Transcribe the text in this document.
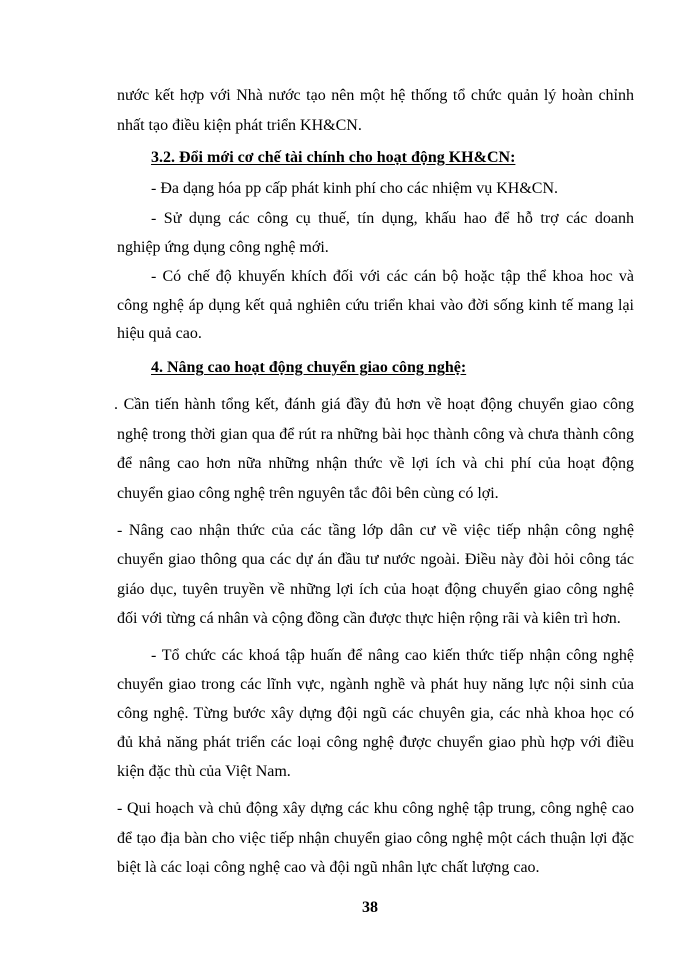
nước kết hợp với Nhà nước tạo nên một hệ thống tổ chức quản lý hoàn chỉnh

nhất tạo điều kiện phát triển KH&CN.

3.2. Đổi mới cơ chế tài chính cho hoạt động KH&CN:

- Đa dạng hóa pp cấp phát kinh phí cho các nhiệm vụ KH&CN.

- Sử dụng các công cụ thuế, tín dụng, khấu hao để hỗ trợ các doanh

nghiệp ứng dụng công nghệ mới.

- Có chế độ khuyến khích đối với các cán bộ hoặc tập thể khoa hoc và

công nghệ áp dụng kết quả nghiên cứu triển khai vào đời sống kinh tế mang lại

hiệu quả cao.

4. Nâng cao hoạt động chuyển giao công nghệ:

. Cần tiến hành tổng kết, đánh giá đầy đủ hơn về hoạt động chuyển giao công

nghệ trong thời gian qua để rút ra những bài học thành công và chưa thành công

để nâng cao hơn nữa những nhận thức về lợi ích và chi phí của hoạt động

chuyển giao công nghệ trên nguyên tắc đôi bên cùng có lợi.

- Nâng cao nhận thức của các tầng lớp dân cư về việc tiếp nhận công nghệ

chuyển giao thông qua các dự án đầu tư nước ngoài. Điều này đòi hỏi công tác

giáo dục, tuyên truyền về những lợi ích của hoạt động chuyển giao công nghệ

đối với từng cá nhân và cộng đồng cần được thực hiện rộng rãi và kiên trì hơn.

- Tổ chức các khoá tập huấn để nâng cao kiến thức tiếp nhận công nghệ

chuyển giao trong các lĩnh vực, ngành nghề và phát huy năng lực nội sinh của

công nghệ. Từng bước xây dựng đội ngũ các chuyên gia, các nhà khoa học có

đủ khả năng phát triển các loại công nghệ được chuyển giao phù hợp với điều

kiện đặc thù của Việt Nam.

- Qui hoạch và chủ động xây dựng các khu công nghệ tập trung, công nghệ cao

để tạo địa bàn cho việc tiếp nhận chuyển giao công nghệ một cách thuận lợi đặc

biệt là các loại công nghệ cao và đội ngũ nhân lực chất lượng cao.

38
